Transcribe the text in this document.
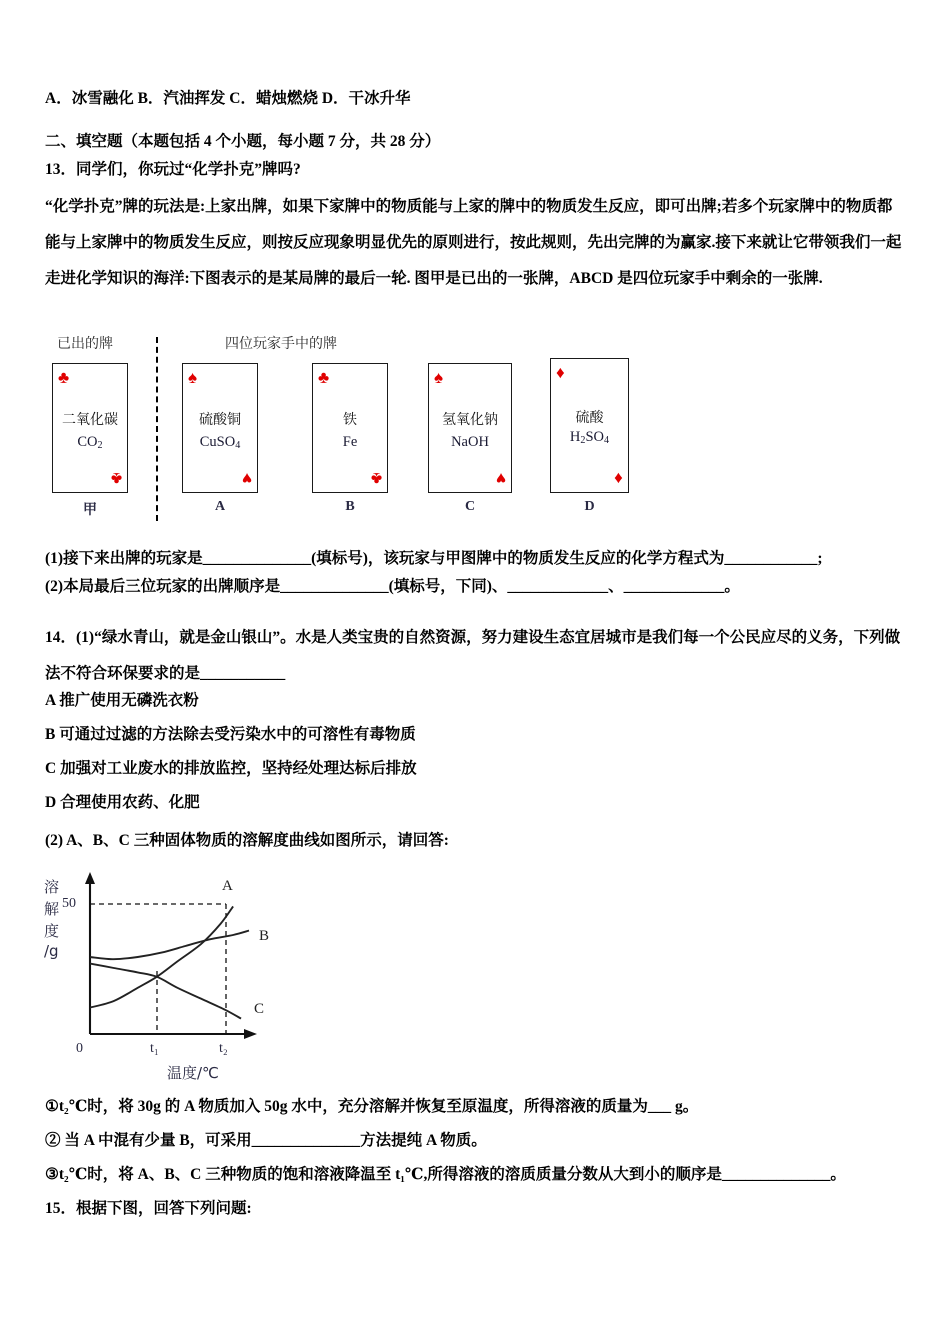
A．冰雪融化 B．汽油挥发 C．蜡烛燃烧 D．干冰升华
二、填空题（本题包括 4 个小题，每小题 7 分，共 28 分）
13．同学们，你玩过“化学扑克”牌吗?
“化学扑克”牌的玩法是:上家出牌，如果下家牌中的物质能与上家的牌中的物质发生反应，即可出牌;若多个玩家牌中的物质都能与上家牌中的物质发生反应，则按反应现象明显优先的原则进行，按此规则，先出完牌的为赢家.接下来就让它带领我们一起走进化学知识的海洋:下图表示的是某局牌的最后一轮. 图甲是已出的一张牌，ABCD 是四位玩家手中剩余的一张牌.
已出的牌	四位玩家手中的牌
♣
二氧化碳
$CO_2$
♣
甲
♠
硫酸铜
CuSO$_4$
♥
A
♣
铁
Fe
♣
B
♠
氢氧化钠
NaOH
♥
C
♦
硫酸
$H_2SO_4$
♦
D
(1)接下来出牌的玩家是______________(填标号)，该玩家与甲图牌中的物质发生反应的化学方程式为____________;
(2)本局最后三位玩家的出牌顺序是______________(填标号，下同)、_____________、_____________。
14．(1)“绿水青山，就是金山银山”。水是人类宝贵的自然资源，努力建设生态宜居城市是我们每一个公民应尽的义务，下列做法不符合环保要求的是___________
A 推广使用无磷洗衣粉
B 可通过过滤的方法除去受污染水中的可溶性有毒物质
C 加强对工业废水的排放监控，坚持经处理达标后排放
D 合理使用农药、化肥
(2) A、B、C 三种固体物质的溶解度曲线如图所示，请回答:
溶
解
度
/g
50
0	t₁	t₂
温度/℃
A
B
C
①t₂℃时，将 30g 的 A 物质加入 50g 水中，充分溶解并恢复至原温度，所得溶液的质量为___ g。
② 当 A 中混有少量 B，可采用______________方法提纯 A 物质。
③t₂℃时，将 A、B、C 三种物质的饱和溶液降温至 t₁℃,所得溶液的溶质质量分数从大到小的顺序是______________。
15．根据下图，回答下列问题:
